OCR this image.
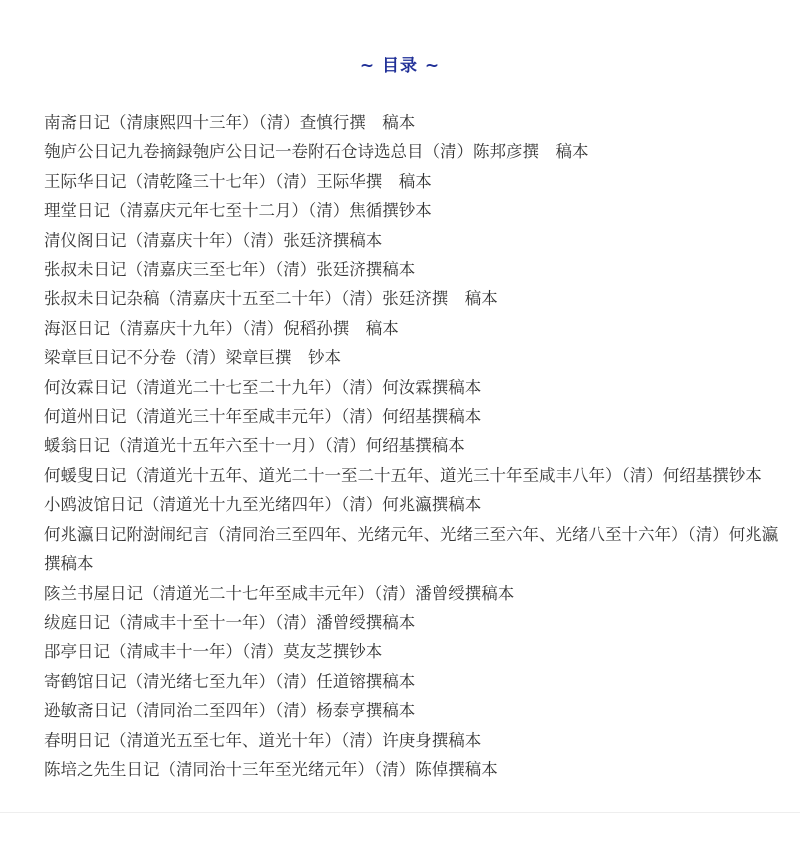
~ 目录 ~
南斋日记（清康熙四十三年）（清）查慎行撰　稿本
匏庐公日记九卷摘録匏庐公日记一卷附石仓诗选总目（清）陈邦彦撰　稿本
王际华日记（清乾隆三十七年）（清）王际华撰　稿本
理堂日记（清嘉庆元年七至十二月）（清）焦循撰钞本
清仪阁日记（清嘉庆十年）（清）张廷济撰稿本
张叔未日记（清嘉庆三至七年）（清）张廷济撰稿本
张叔未日记杂稿（清嘉庆十五至二十年）（清）张廷济撰　稿本
海沤日记（清嘉庆十九年）（清）倪稻孙撰　稿本
梁章巨日记不分卷（清）梁章巨撰　钞本
何汝霖日记（清道光二十七至二十九年）（清）何汝霖撰稿本
何道州日记（清道光三十年至咸丰元年）（清）何绍基撰稿本
蝯翁日记（清道光十五年六至十一月）（清）何绍基撰稿本
何蝯叟日记（清道光十五年、道光二十一至二十五年、道光三十年至咸丰八年）（清）何绍基撰钞本
小鸥波馆日记（清道光十九至光绪四年）（清）何兆瀛撰稿本
何兆瀛日记附澍闹纪言（清同治三至四年、光绪元年、光绪三至六年、光绪八至十六年）（清）何兆瀛撰稿本
陔兰书屋日记（清道光二十七年至咸丰元年）（清）潘曾绶撰稿本
绂庭日记（清咸丰十至十一年）（清）潘曾绶撰稿本
郘亭日记（清咸丰十一年）（清）莫友芝撰钞本
寄鹤馆日记（清光绪七至九年）（清）任道镕撰稿本
逊敏斋日记（清同治二至四年）（清）杨泰亨撰稿本
春明日记（清道光五至七年、道光十年）（清）许庚身撰稿本
陈培之先生日记（清同治十三年至光绪元年）（清）陈倬撰稿本
